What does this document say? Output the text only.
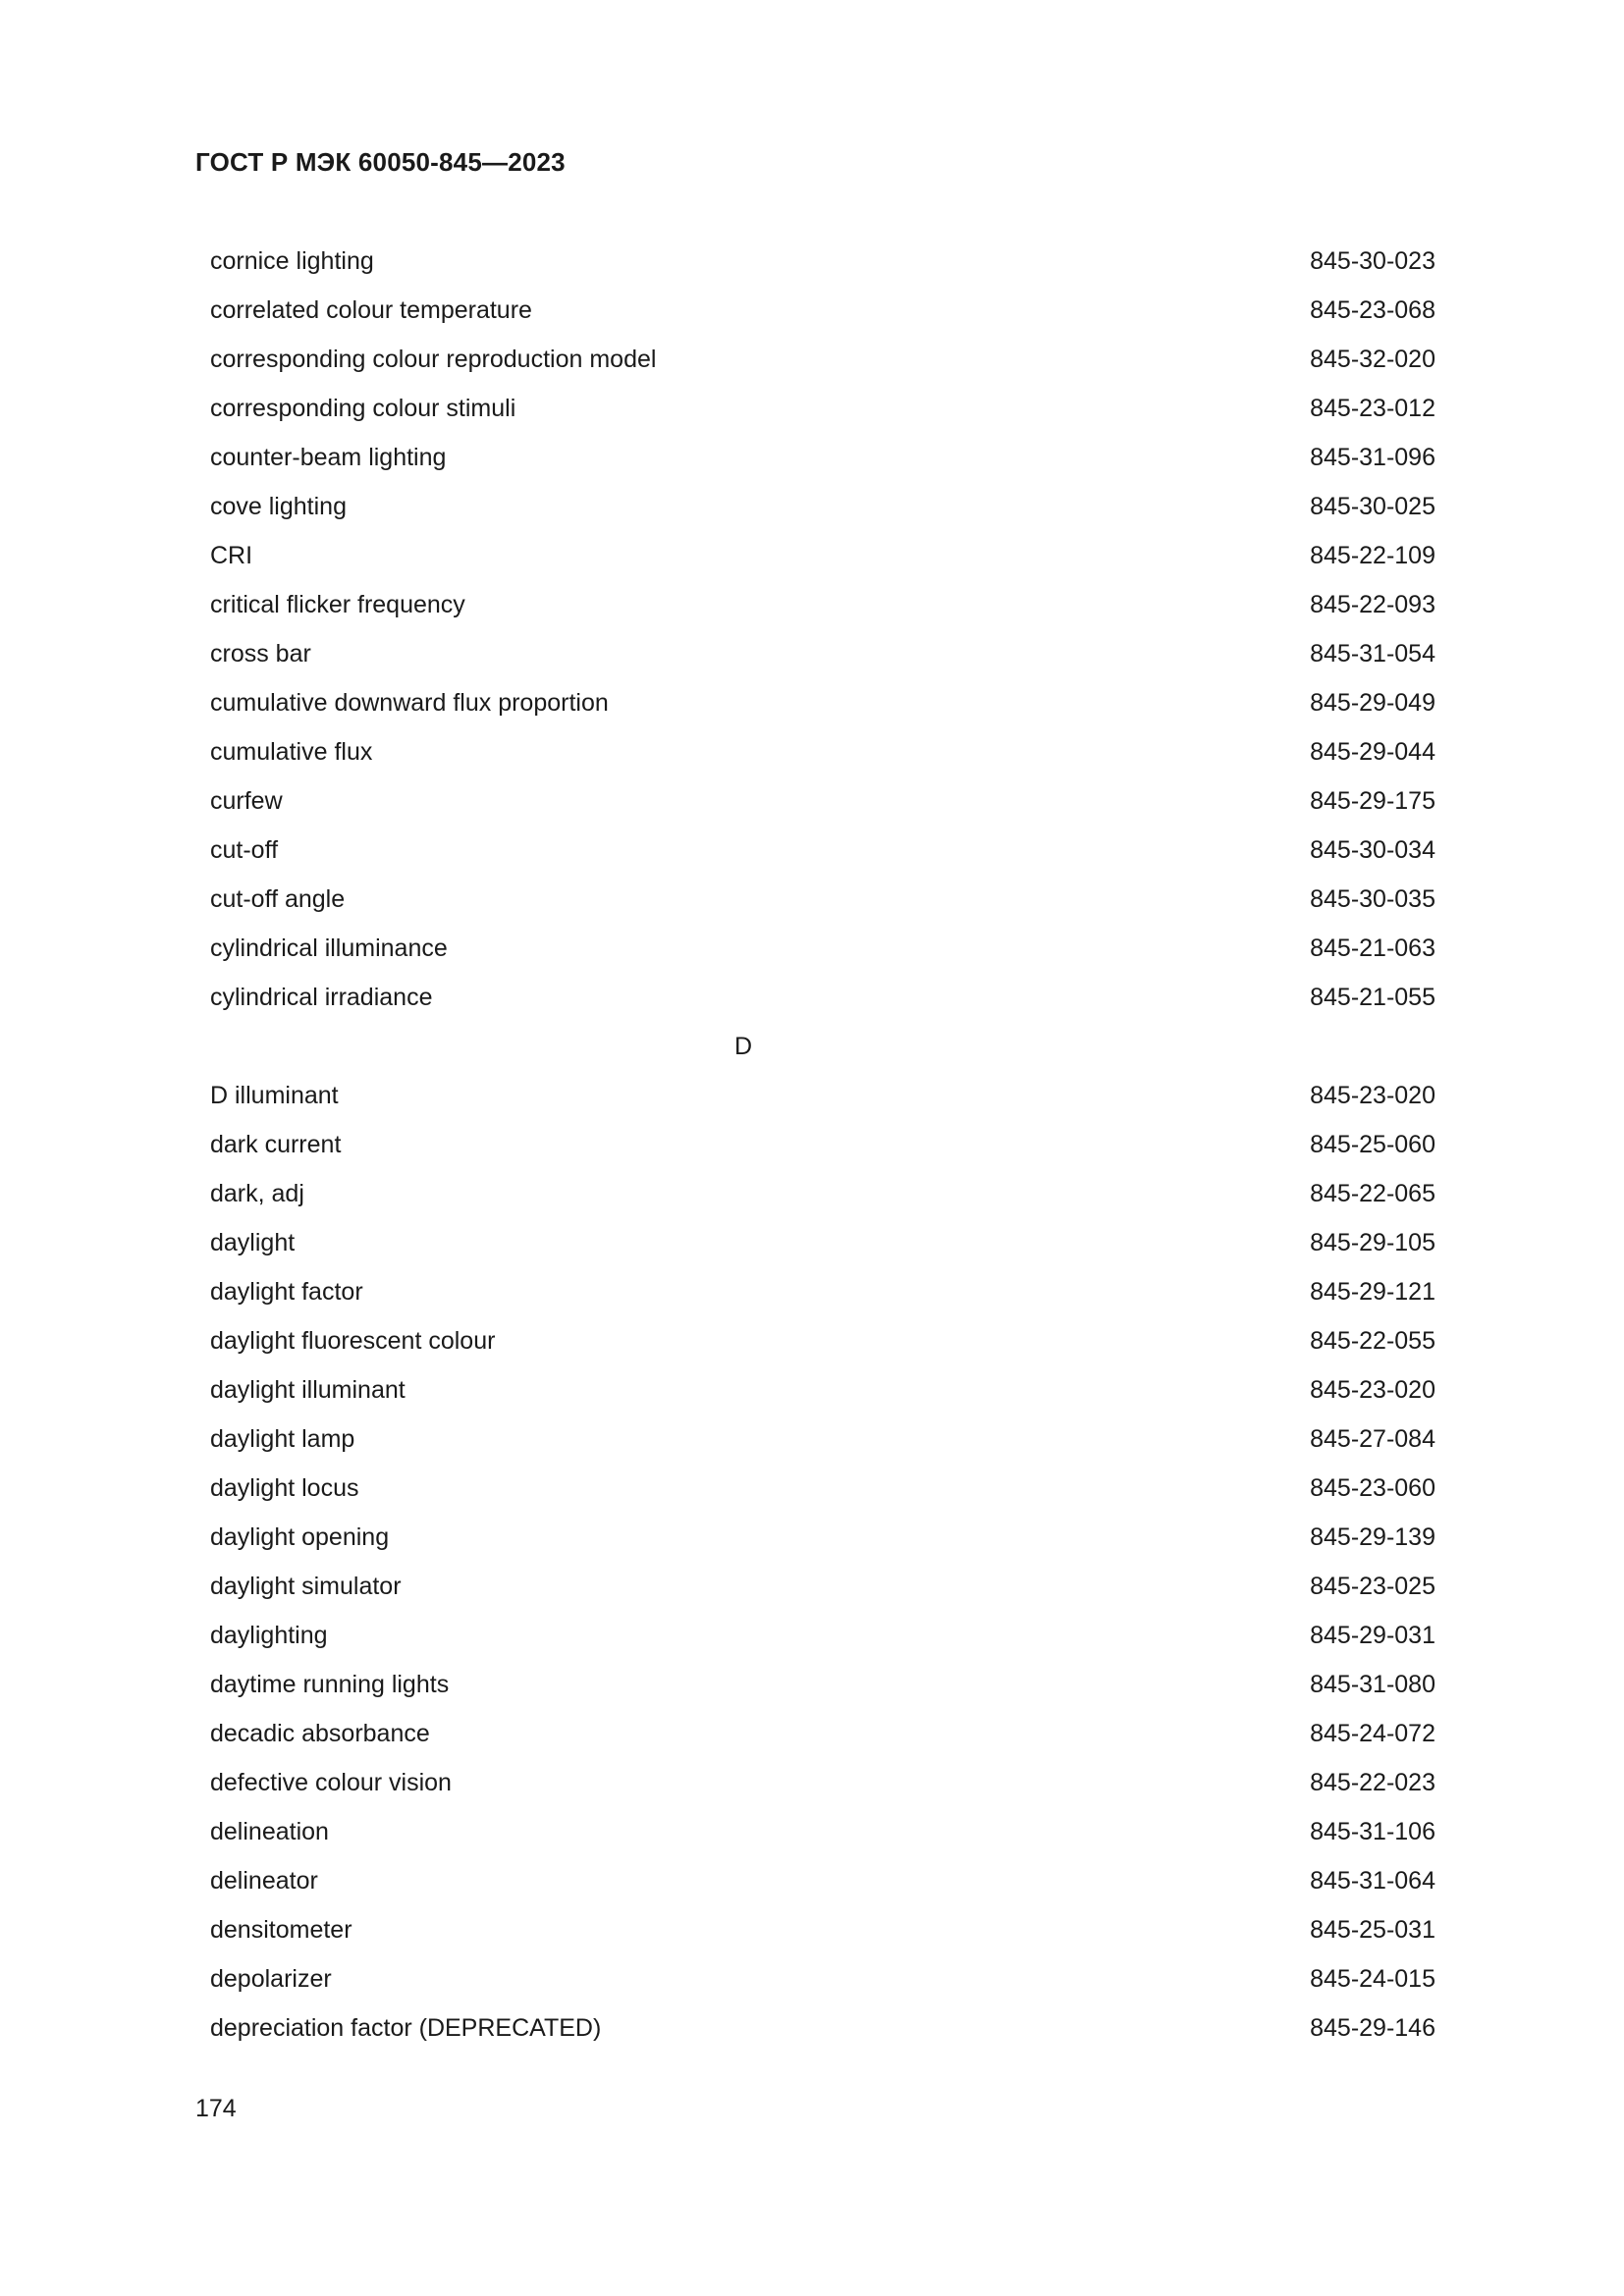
ГОСТ Р МЭК 60050-845—2023
cornice lighting	845-30-023
correlated colour temperature	845-23-068
corresponding colour reproduction model	845-32-020
corresponding colour stimuli	845-23-012
counter-beam lighting	845-31-096
cove lighting	845-30-025
CRI	845-22-109
critical flicker frequency	845-22-093
cross bar	845-31-054
cumulative downward flux proportion	845-29-049
cumulative flux	845-29-044
curfew	845-29-175
cut-off	845-30-034
cut-off angle	845-30-035
cylindrical illuminance	845-21-063
cylindrical irradiance	845-21-055
D
D illuminant	845-23-020
dark current	845-25-060
dark, adj	845-22-065
daylight	845-29-105
daylight factor	845-29-121
daylight fluorescent colour	845-22-055
daylight illuminant	845-23-020
daylight lamp	845-27-084
daylight locus	845-23-060
daylight opening	845-29-139
daylight simulator	845-23-025
daylighting	845-29-031
daytime running lights	845-31-080
decadic absorbance	845-24-072
defective colour vision	845-22-023
delineation	845-31-106
delineator	845-31-064
densitometer	845-25-031
depolarizer	845-24-015
depreciation factor (DEPRECATED)	845-29-146
174
